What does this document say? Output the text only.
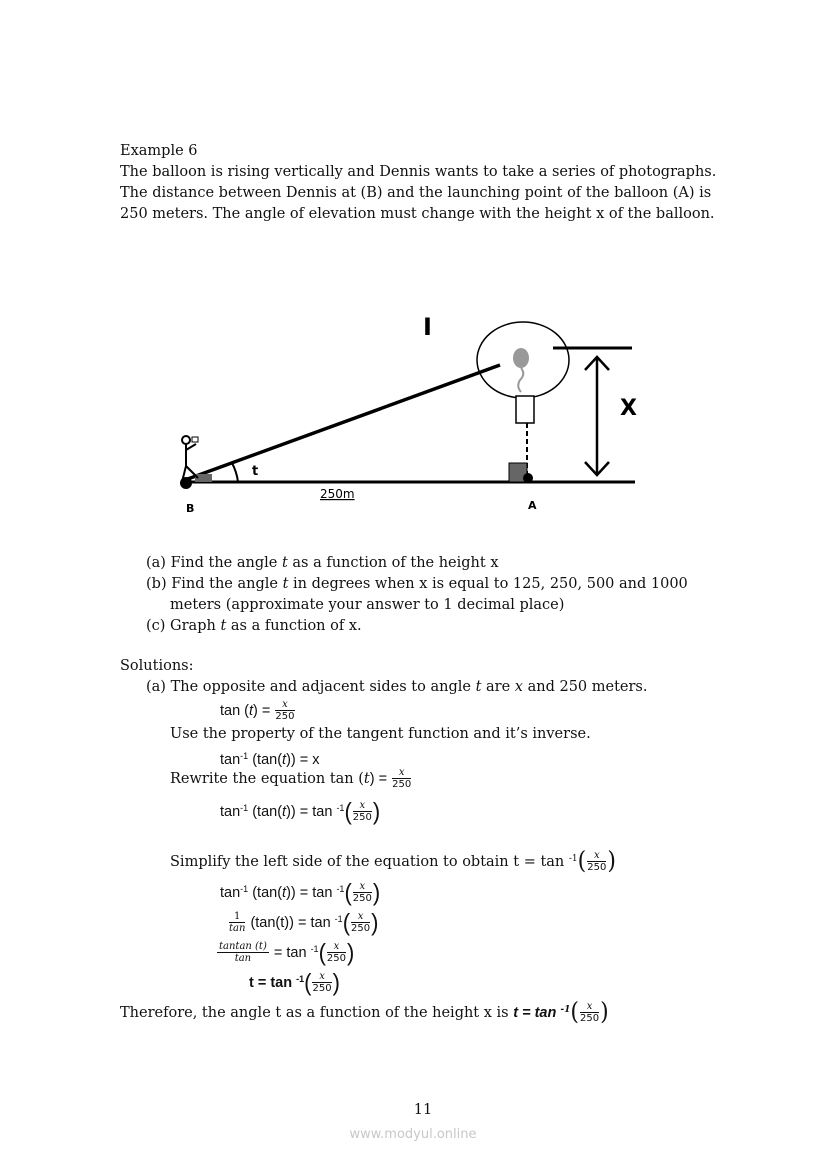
Example 6
The balloon is rising vertically and Dennis wants to take a series of photographs.
The distance between Dennis at (B) and the launching point of the balloon (A) is
250 meters. The angle of elevation must change with the height x of the balloon.
I
X
t
250m
B	A
(a) Find the angle t as a function of the height x
(b) Find the angle t in degrees when x is equal to 125, 250, 500 and 1000
meters (approximate your answer to 1 decimal place)
(c) Graph t as a function of x.
Solutions:
(a) The opposite and adjacent sides to angle t are x and 250 meters.
$\tan (t) = \frac{x}{250}$
Use the property of the tangent function and it’s inverse.
$\tan^{-1} (\tan(t)) = x$
Rewrite the equation $\tan (t) = \frac{x}{250}$
$\tan^{-1} (\tan(t)) = \tan ^{-1}( \frac{x}{250}$ )
Simplify the left side of the equation to obtain $t = \tan ^{-1}( \frac{x}{250}$ )
$\tan^{-1} (\tan(t)) = \tan ^{-1}( \frac{x}{250}$ )
$\frac{1}{\tan} (\tan(t)) = \tan ^{-1}( \frac{x}{250}$ )
$\frac{\text{tantan (t)}}{\tan} = \tan ^{-1}( \frac{x}{250}$ )
$t = \tan ^{-1}( \frac{x}{250}$ )
Therefore, the angle t as a function of the height x is $t = \tan ^{-1}( \frac{x}{250}$ )
11
www.modyul.online
